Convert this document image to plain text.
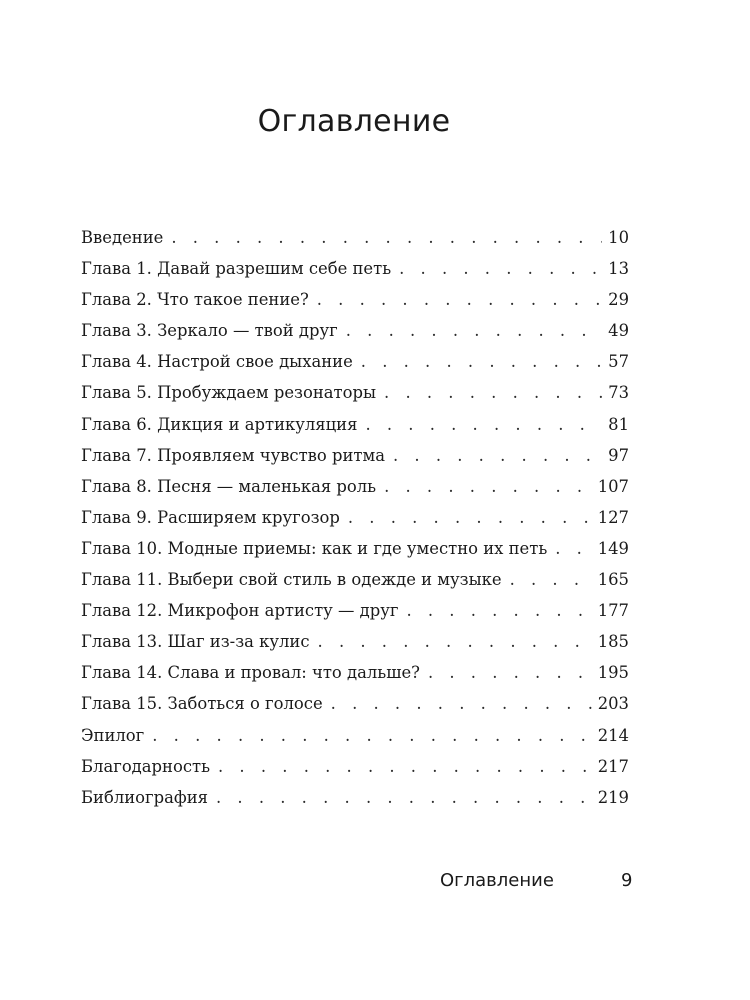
Оглавление
Введение . . .	10
Глава 1. Давай разрешим себе петь . . .	13
Глава 2. Что такое пение? . . .	29
Глава 3. Зеркало — твой друг . . .	49
Глава 4. Настрой свое дыхание . . .	57
Глава 5. Пробуждаем резонаторы . . .	73
Глава 6. Дикция и артикуляция . . .	81
Глава 7. Проявляем чувство ритма . . .	97
Глава 8. Песня — маленькая роль . . .	107
Глава 9. Расширяем кругозор . . .	127
Глава 10. Модные приемы: как и где уместно их петь . . .	149
Глава 11. Выбери свой стиль в одежде и музыке . . .	165
Глава 12. Микрофон артисту — друг . . .	177
Глава 13. Шаг из-за кулис . . .	185
Глава 14. Слава и провал: что дальше? . . .	195
Глава 15. Заботься о голосе . . .	203
Эпилог . . .	214
Благодарность . . .	217
Библиография . . .	219
Оглавление	9
